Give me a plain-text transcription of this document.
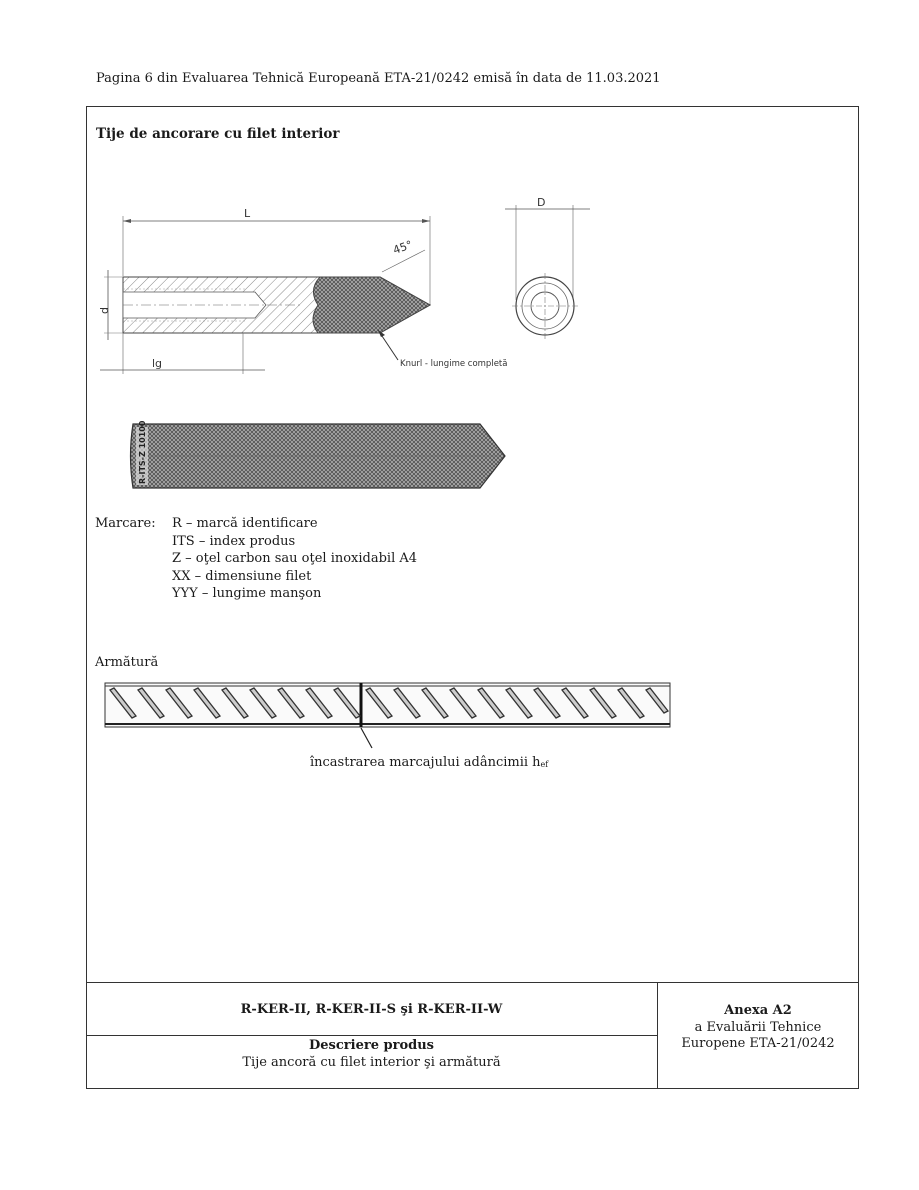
Pagina 6 din Evaluarea Tehnică Europeană ETA-21/0242 emisă în data de 11.03.2021
Tije de ancorare cu filet interior
L
d
lg
45°
Knurl - lungime completă
D
R-ITS-Z 10100
Marcare: R – marcă identificare
ITS – index produs
Z – oţel carbon sau oţel inoxidabil A4
XX – dimensiune filet
YYY – lungime manşon
Armătură
încastrarea marcajului adâncimii $h_{ef}$
R-KER-II, R-KER-II-S şi R-KER-II-W
Descriere produs
Tije ancoră cu filet interior şi armătură
Anexa A2
a Evaluării Tehnice
Europene ETA-21/0242
